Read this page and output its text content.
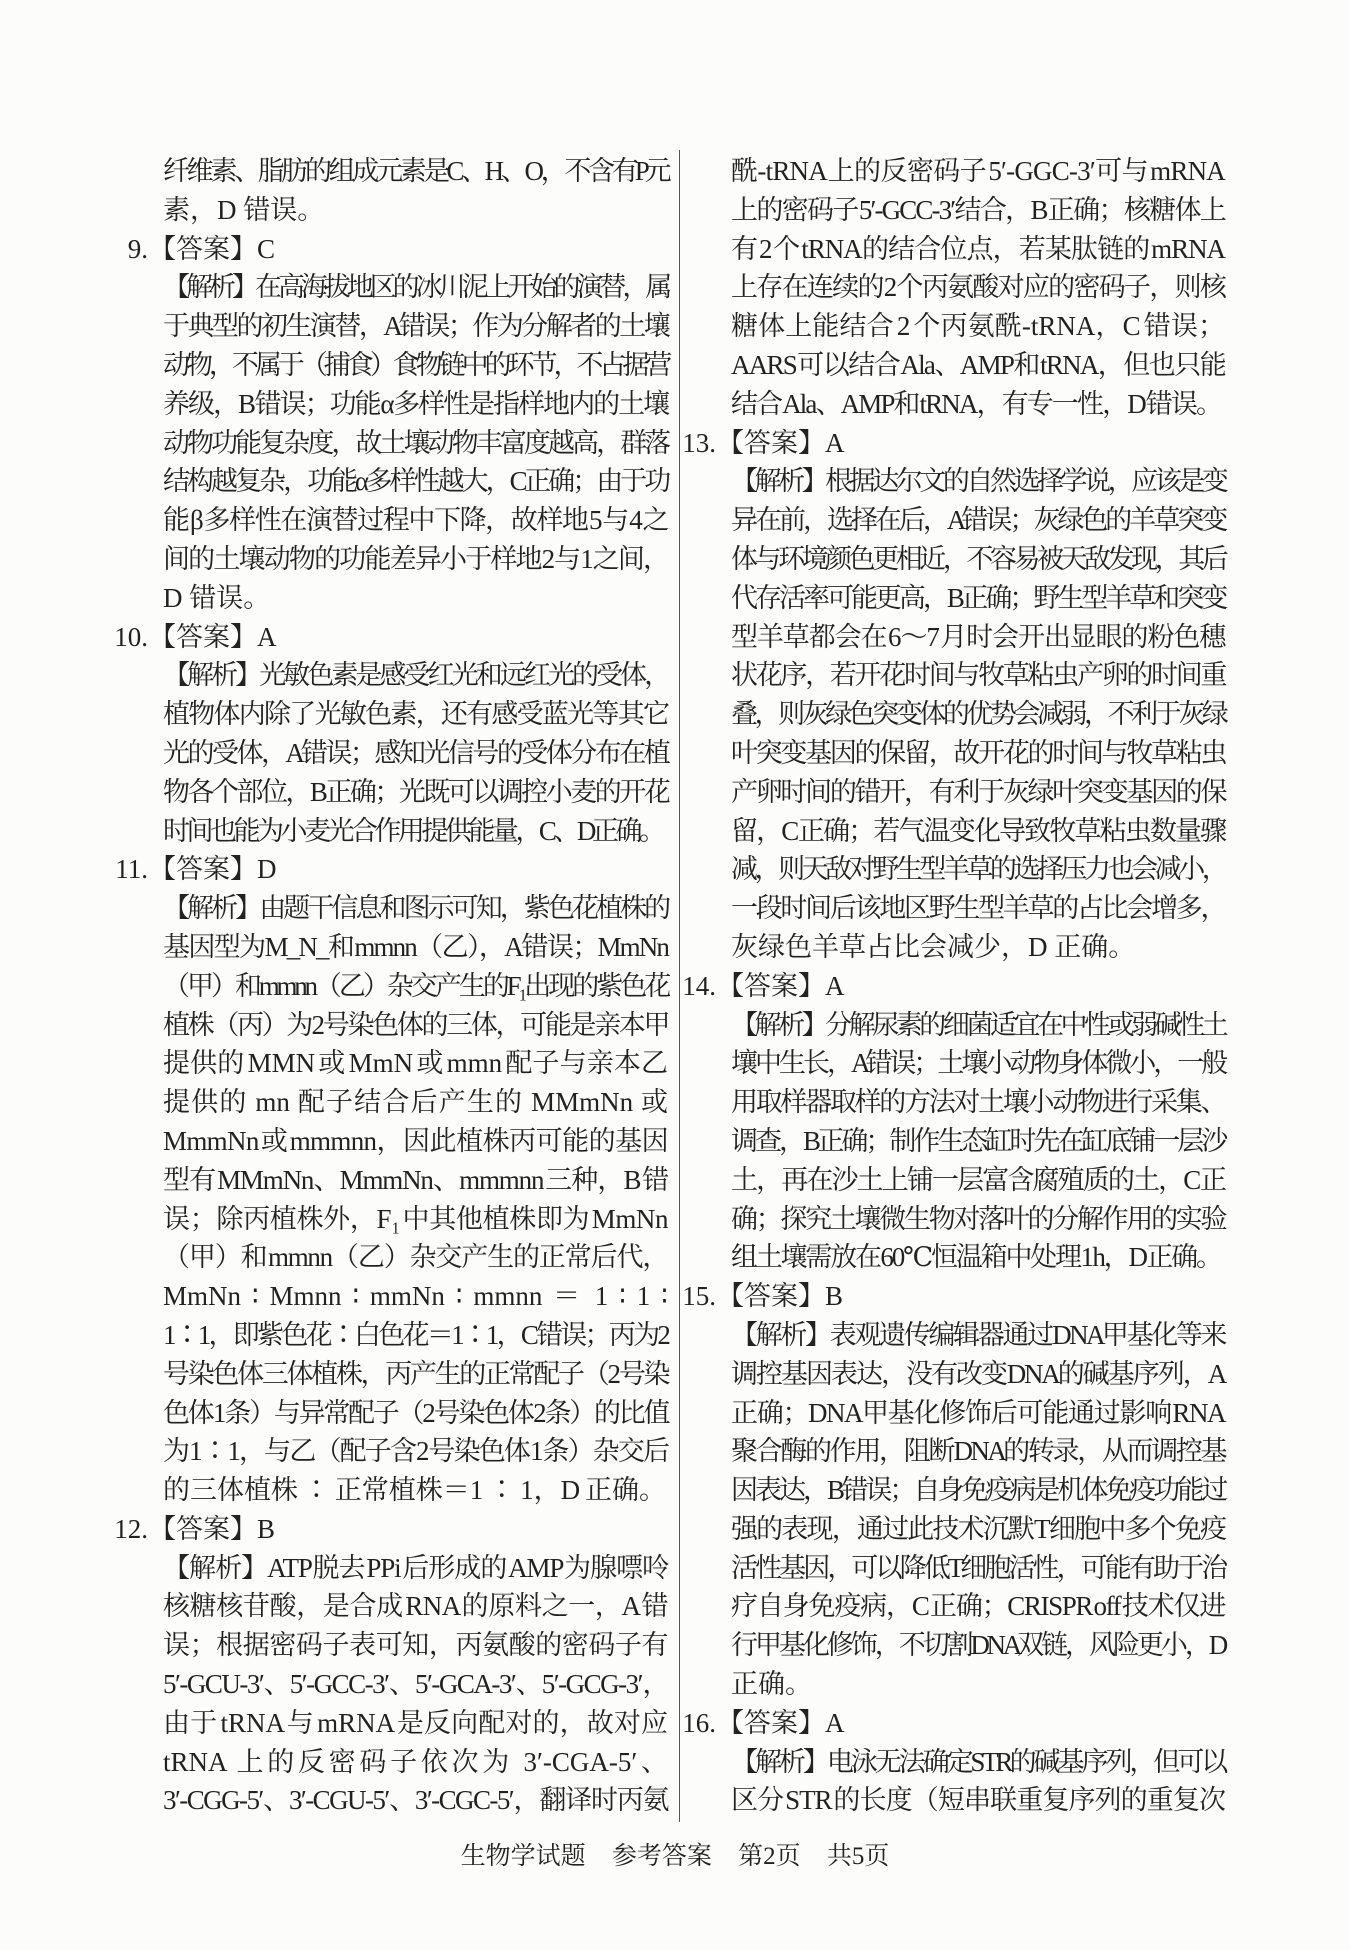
纤维素、脂肪的组成元素是 C、H、O，不含有 P 元
素，D 错误。
9. 【答案】C
【解析】在高海拔地区的冰川泥上开始的演替，属
于典型的初生演替，A 错误；作为分解者的土壤
动物，不属于（捕食）食物链中的环节，不占据营
养级，B 错误；功能 α 多样性是指样地内的土壤
动物功能复杂度，故土壤动物丰富度越高，群落
结构越复杂，功能 α 多样性越大，C 正确；由于功
能 β 多样性在演替过程中下降，故样地 5 与 4 之
间的土壤动物的功能差异小于样地 2 与 1 之间，
D 错误。
10. 【答案】A
【解析】光敏色素是感受红光和远红光的受体，
植物体内除了光敏色素，还有感受蓝光等其它
光的受体，A 错误；感知光信号的受体分布在植
物各个部位，B 正确；光既可以调控小麦的开花
时间也能为小麦光合作用提供能量，C、D 正确。
11. 【答案】D
【解析】由题干信息和图示可知，紫色花植株的
基因型为M_N_和 mmnn（乙），A 错误；MmNn
（甲）和 mmnn（乙）杂交产生的 F₁ 出现的紫色花
植株（丙）为 2 号染色体的三体，可能是亲本甲
提供的 MMN 或 MmN 或 mmn 配子与亲本乙
提供的 mn 配子结合后产生的 MMmNn 或
MmmNn 或 mmmnn，因此植株丙可能的基因
型有 MMmNn、MmmNn、mmmnn 三种，B 错
误；除丙植株外，F₁ 中其他植株即为 MmNn
（甲）和 mmnn（乙）杂交产生的正常后代，
MmNn ∶ Mmnn ∶ mmNn ∶ mmnn ＝ 1 ∶ 1 ∶
1 ∶ 1，即紫色花 ∶ 白色花＝1 ∶ 1，C 错误；丙为 2
号染色体三体植株，丙产生的正常配子（2 号染
色体 1 条）与异常配子（2 号染色体 2 条）的比值
为 1 ∶ 1，与乙（配子含 2 号染色体 1 条）杂交后
的三体植株 ∶ 正常植株＝1 ∶ 1，D 正确。
12. 【答案】B
【解析】ATP 脱去 PPi 后形成的 AMP 为腺嘌呤
核糖核苷酸，是合成 RNA 的原料之一，A 错
误；根据密码子表可知，丙氨酸的密码子有
5′-GCU-3′、5′-GCC-3′、5′-GCA-3′、5′-GCG-3′，
由于 tRNA 与 mRNA 是反向配对的，故对应
tRNA 上的反密码子依次为 3′-CGA-5′、
3′-CGG-5′、3′-CGU-5′、3′-CGC-5′，翻译时丙氨
酰-tRNA 上的反密码子 5′-GGC-3′可与 mRNA
上的密码子 5′-GCC-3′结合，B 正确；核糖体上
有 2 个 tRNA 的结合位点，若某肽链的 mRNA
上存在连续的 2 个丙氨酸对应的密码子，则核
糖体上能结合 2 个丙氨酰-tRNA，C 错误；
AARS 可以结合 Ala、AMP 和 tRNA，但也只能
结合 Ala、AMP 和 tRNA，有专一性，D 错误。
13. 【答案】A
【解析】根据达尔文的自然选择学说，应该是变
异在前，选择在后，A 错误；灰绿色的羊草突变
体与环境颜色更相近，不容易被天敌发现，其后
代存活率可能更高，B 正确；野生型羊草和突变
型羊草都会在 6～7 月时会开出显眼的粉色穗
状花序，若开花时间与牧草粘虫产卵的时间重
叠，则灰绿色突变体的优势会减弱，不利于灰绿
叶突变基因的保留，故开花的时间与牧草粘虫
产卵时间的错开，有利于灰绿叶突变基因的保
留，C 正确；若气温变化导致牧草粘虫数量骤
减，则天敌对野生型羊草的选择压力也会减小，
一段时间后该地区野生型羊草的占比会增多，
灰绿色羊草占比会减少，D 正确。
14. 【答案】A
【解析】分解尿素的细菌适宜在中性或弱碱性土
壤中生长，A 错误；土壤小动物身体微小，一般
用取样器取样的方法对土壤小动物进行采集、
调查，B 正确；制作生态缸时先在缸底铺一层沙
土，再在沙土上铺一层富含腐殖质的土，C 正
确；探究土壤微生物对落叶的分解作用的实验
组土壤需放在 60℃恒温箱中处理 1 h，D 正确。
15. 【答案】B
【解析】表观遗传编辑器通过 DNA 甲基化等来
调控基因表达，没有改变 DNA 的碱基序列，A
正确；DNA 甲基化修饰后可能通过影响 RNA
聚合酶的作用，阻断 DNA 的转录，从而调控基
因表达，B 错误；自身免疫病是机体免疫功能过
强的表现，通过此技术沉默 T 细胞中多个免疫
活性基因，可以降低 T 细胞活性，可能有助于治
疗自身免疫病，C 正确；CRISPR off 技术仅进
行甲基化修饰，不切割 DNA 双链，风险更小，D
正确。
16. 【答案】A
【解析】电泳无法确定 STR 的碱基序列，但可以
区分 STR 的长度（短串联重复序列的重复次
生物学试题 参考答案 第2页 共5页
